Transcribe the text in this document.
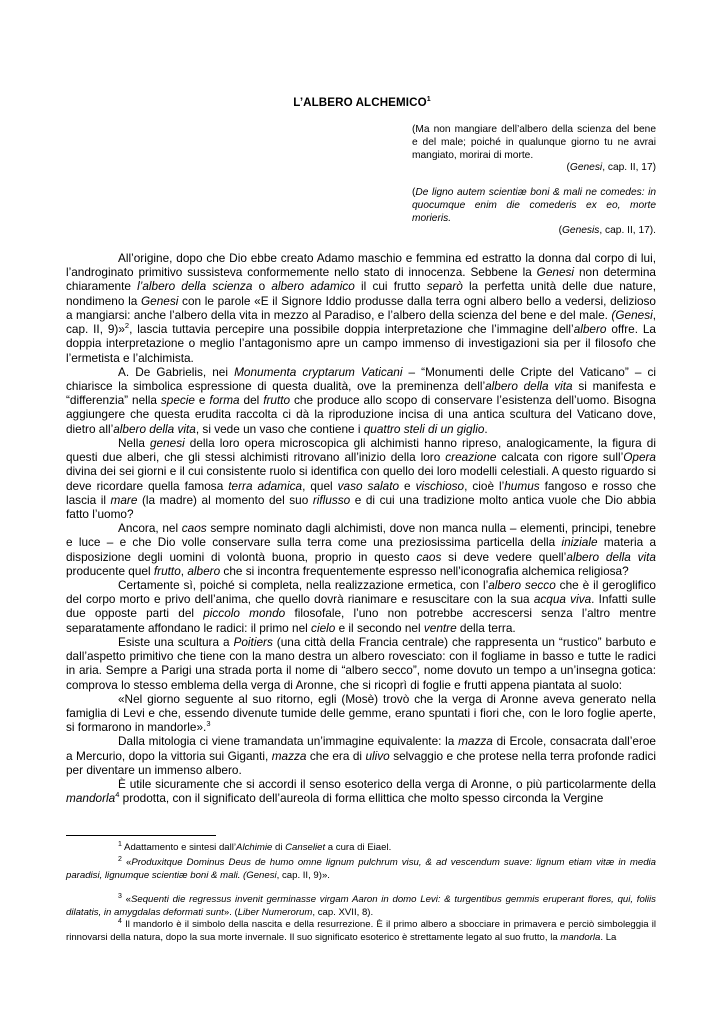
L’ALBERO ALCHEMICO$^1$
(Ma non mangiare dell’albero della scienza del bene e del male; poiché in qualunque giorno tu ne avrai mangiato, morirai di morte.
(Genesi, cap. II, 17)
(De ligno autem scientiæ boni & mali ne comedes: in quocumque enim die comederis ex eo, morte morieris.
(Genesis, cap. II, 17).

All’origine, dopo che Dio ebbe creato Adamo maschio e femmina ed estratto la donna dal corpo di lui, l’androginato primitivo sussisteva conformemente nello stato di innocenza. Sebbene la Genesi non determina chiaramente l’albero della scienza o albero adamico il cui frutto separò la perfetta unità delle due nature, nondimeno la Genesi con le parole «E il Signore Iddio produsse dalla terra ogni albero bello a vedersi, delizioso a mangiarsi: anche l’albero della vita in mezzo al Paradiso, e l’albero della scienza del bene e del male. (Genesi, cap. II, 9)»$^2$, lascia tuttavia percepire una possibile doppia interpretazione che l’immagine dell’albero offre. La doppia interpretazione o meglio l’antagonismo apre un campo immenso di investigazioni sia per il filosofo che l’ermetista e l’alchimista.

A. De Gabrielis, nei Monumenta cryptarum Vaticani – “Monumenti delle Cripte del Vaticano” – ci chiarisce la simbolica espressione di questa dualità, ove la preminenza dell’albero della vita si manifesta e “differenzia” nella specie e forma del frutto che produce allo scopo di conservare l’esistenza dell’uomo. Bisogna aggiungere che questa erudita raccolta ci dà la riproduzione incisa di una antica scultura del Vaticano dove, dietro all’albero della vita, si vede un vaso che contiene i quattro steli di un giglio.

Nella genesi della loro opera microscopica gli alchimisti hanno ripreso, analogicamente, la figura di questi due alberi, che gli stessi alchimisti ritrovano all’inizio della loro creazione calcata con rigore sull’Opera divina dei sei giorni e il cui consistente ruolo si identifica con quello dei loro modelli celestiali. A questo riguardo si deve ricordare quella famosa terra adamica, quel vaso salato e vischioso, cioè l’humus fangoso e rosso che lascia il mare (la madre) al momento del suo riflusso e di cui una tradizione molto antica vuole che Dio abbia fatto l’uomo?

Ancora, nel caos sempre nominato dagli alchimisti, dove non manca nulla – elementi, principi, tenebre e luce – e che Dio volle conservare sulla terra come una preziosissima particella della iniziale materia a disposizione degli uomini di volontà buona, proprio in questo caos si deve vedere quell’albero della vita producente quel frutto, albero che si incontra frequentemente espresso nell’iconografia alchemica religiosa?

Certamente sì, poiché si completa, nella realizzazione ermetica, con l’albero secco che è il geroglifico del corpo morto e privo dell’anima, che quello dovrà rianimare e resuscitare con la sua acqua viva. Infatti sulle due opposte parti del piccolo mondo filosofale, l’uno non potrebbe accrescersi senza l’altro mentre separatamente affondano le radici: il primo nel cielo e il secondo nel ventre della terra.

Esiste una scultura a Poitiers (una città della Francia centrale) che rappresenta un “rustico” barbuto e dall’aspetto primitivo che tiene con la mano destra un albero rovesciato: con il fogliame in basso e tutte le radici in aria. Sempre a Parigi una strada porta il nome di “albero secco”, nome dovuto un tempo a un’insegna gotica: comprova lo stesso emblema della verga di Aronne, che si ricoprì di foglie e frutti appena piantata al suolo:

«Nel giorno seguente al suo ritorno, egli (Mosè) trovò che la verga di Aronne aveva generato nella famiglia di Levi e che, essendo divenute tumide delle gemme, erano spuntati i fiori che, con le loro foglie aperte, si formarono in mandorle».$^3$

Dalla mitologia ci viene tramandata un’immagine equivalente: la mazza di Ercole, consacrata dall’eroe a Mercurio, dopo la vittoria sui Giganti, mazza che era di ulivo selvaggio e che protese nella terra profonde radici per diventare un immenso albero.

È utile sicuramente che si accordi il senso esoterico della verga di Aronne, o più particolarmente della mandorla$^4$ prodotta, con il significato dell’aureola di forma ellittica che molto spesso circonda la Vergine

$^1$ Adattamento e sintesi dall’Alchimie di Canseliet a cura di Eiael.
$^2$ «Produxitque Dominus Deus de humo omne lignum pulchrum visu, & ad vescendum suave: lignum etiam vitæ in media paradisi, lignumque scientiæ boni & mali. (Genesi, cap. II, 9)».
$^3$ «Sequenti die regressus invenit germinasse virgam Aaron in domo Levi: & turgentibus gemmis eruperant flores, qui, foliis dilatatis, in amygdalas deformati sunt». (Liber Numerorum, cap. XVII, 8).
$^4$ Il mandorlo è il simbolo della nascita e della resurrezione. È il primo albero a sbocciare in primavera e perciò simboleggia il rinnovarsi della natura, dopo la sua morte invernale. Il suo significato esoterico è strettamente legato al suo frutto, la mandorla. La
